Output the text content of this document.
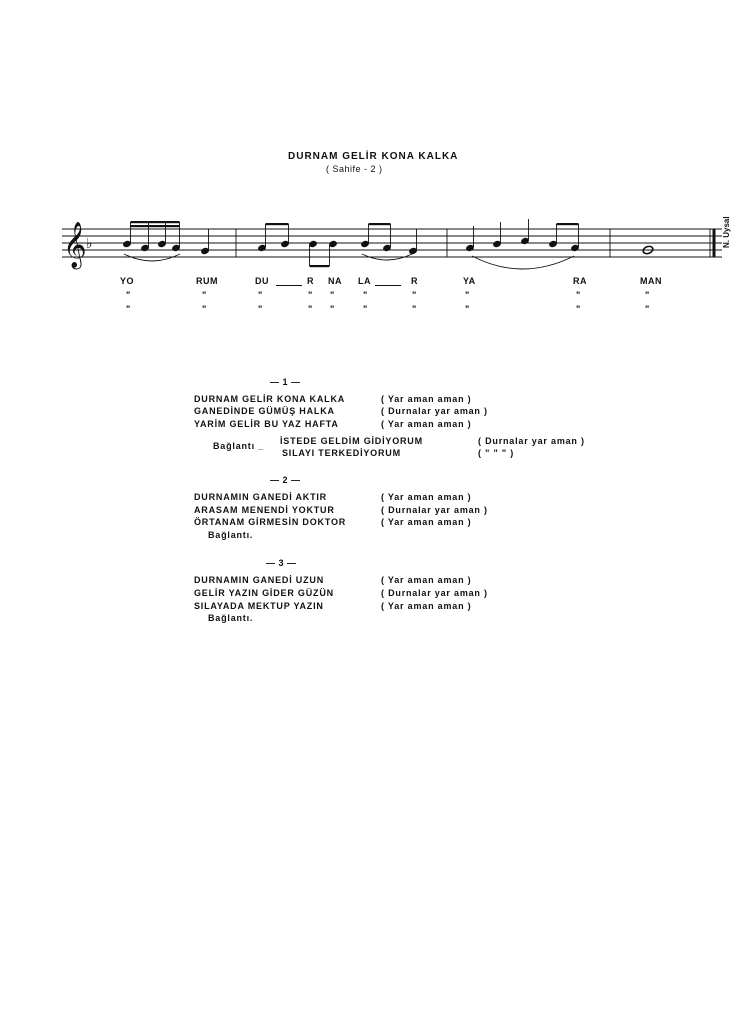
DURNAM GELİR KONA KALKA
( Sahife - 2 )
𝄞 ♭	N. Uysal
YO	RUM	DU	R NA LA	R	YA	RA	MAN
"	"	"	" "	"	"	"	"	"
"	"	"	" "	"	"	"	"	"
— 1 —
DURNAM GELİR KONA KALKA	( Yar aman aman )
GANEDİNDE GÜMÜŞ HALKA	( Durnalar yar aman )
YARİM GELİR BU YAZ HAFTA	( Yar aman aman )
Bağlantı _ İSTEDE GELDİM GİDİYORUM	( Durnalar yar aman )
SILAYI TERKEDİYORUM	( " " " )
— 2 —
DURNAMIN GANEDİ AKTIR	( Yar aman aman )
ARASAM MENENDİ YOKTUR	( Durnalar yar aman )
ÖRTANAM GİRMESİN DOKTOR	( Yar aman aman )
Bağlantı.
— 3 —
DURNAMIN GANEDİ UZUN	( Yar aman aman )
GELİR YAZIN GİDER GÜZÜN	( Durnalar yar aman )
SILAYADA MEKTUP YAZIN	( Yar aman aman )
Bağlantı.
